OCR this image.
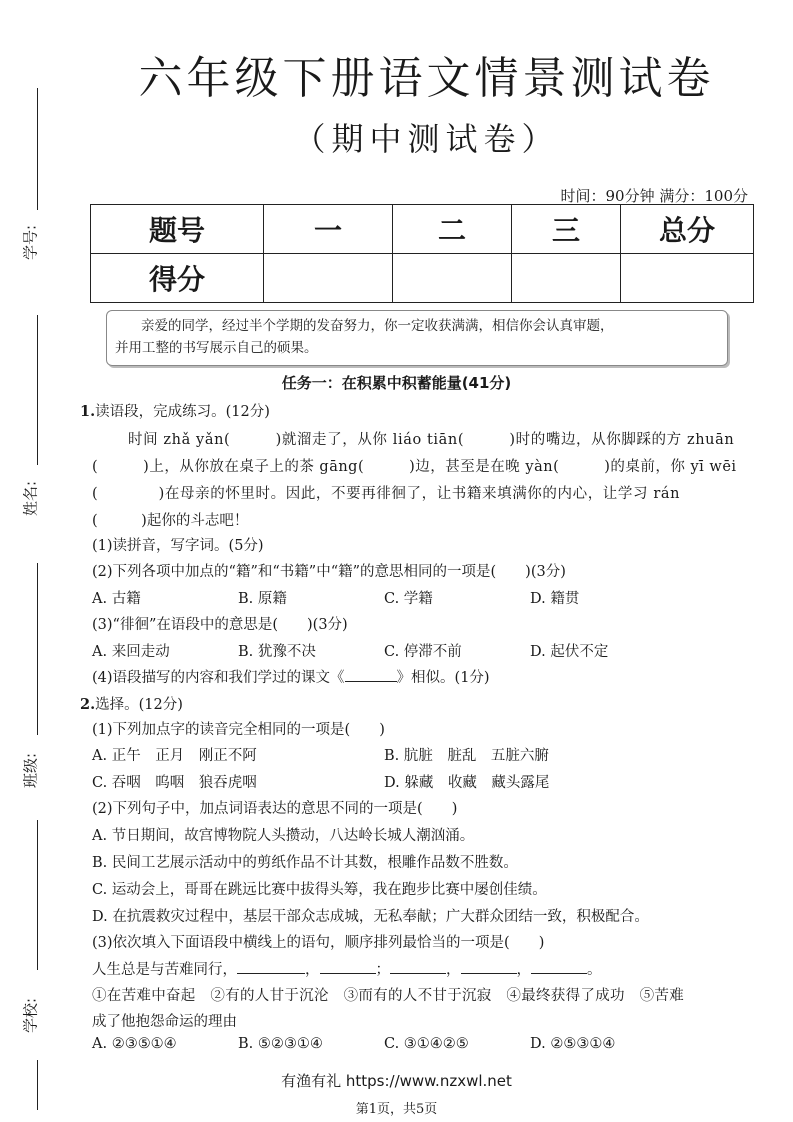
学号:
姓名:
班级:
学校:
六年级下册语文情景测试卷
（期中测试卷）
时间：90分钟 满分：100分
题号	一	二	三	总分
得分				
亲爱的同学，经过半个学期的发奋努力，你一定收获满满，相信你会认真审题，
并用工整的书写展示自己的硕果。
任务一：在积累中积蓄能量(41分)
1.读语段，完成练习。(12分)
时间 zhǎ yǎn(　　　)就溜走了，从你 liáo tiān(　　　)时的嘴边，从你脚踩的方 zhuān
(　　　)上，从你放在桌子上的茶 gāng(　　　)边，甚至是在晚 yàn(　　　)的桌前，你 yī wēi
(　　　　)在母亲的怀里时。因此，不要再徘徊了，让书籍来填满你的内心，让学习 rán
(　　　)起你的斗志吧！
(1)读拼音，写字词。(5分)
(2)下列各项中加点的“籍”和“书籍”中“籍”的意思相同的一项是(　　)(3分)
A. 古籍	B. 原籍	C. 学籍	D. 籍贯
(3)“徘徊”在语段中的意思是(　　)(3分)
A. 来回走动	B. 犹豫不决	C. 停滞不前	D. 起伏不定
(4)语段描写的内容和我们学过的课文《	》相似。(1分)
2.选择。(12分)
(1)下列加点字的读音完全相同的一项是(　　)
A. 正午　正月　刚正不阿	B. 肮脏　脏乱　五脏六腑
C. 吞咽　呜咽　狼吞虎咽	D. 躲藏　收藏　藏头露尾
(2)下列句子中，加点词语表达的意思不同的一项是(　　)
A. 节日期间，故宫博物院人头攒动，八达岭长城人潮汹涌。
B. 民间工艺展示活动中的剪纸作品不计其数，根雕作品数不胜数。
C. 运动会上，哥哥在跳远比赛中拔得头筹，我在跑步比赛中屡创佳绩。
D. 在抗震救灾过程中，基层干部众志成城，无私奉献；广大群众团结一致，积极配合。
(3)依次填入下面语段中横线上的语句，顺序排列最恰当的一项是(　　)
人生总是与苦难同行，	，	；	，	，	。
①在苦难中奋起　②有的人甘于沉沦　③而有的人不甘于沉寂　④最终获得了成功　⑤苦难
成了他抱怨命运的理由
A. ②③⑤①④	B. ⑤②③①④	C. ③①④②⑤	D. ②⑤③①④
有渔有礼 https://www.nzxwl.net
第1页，共5页
